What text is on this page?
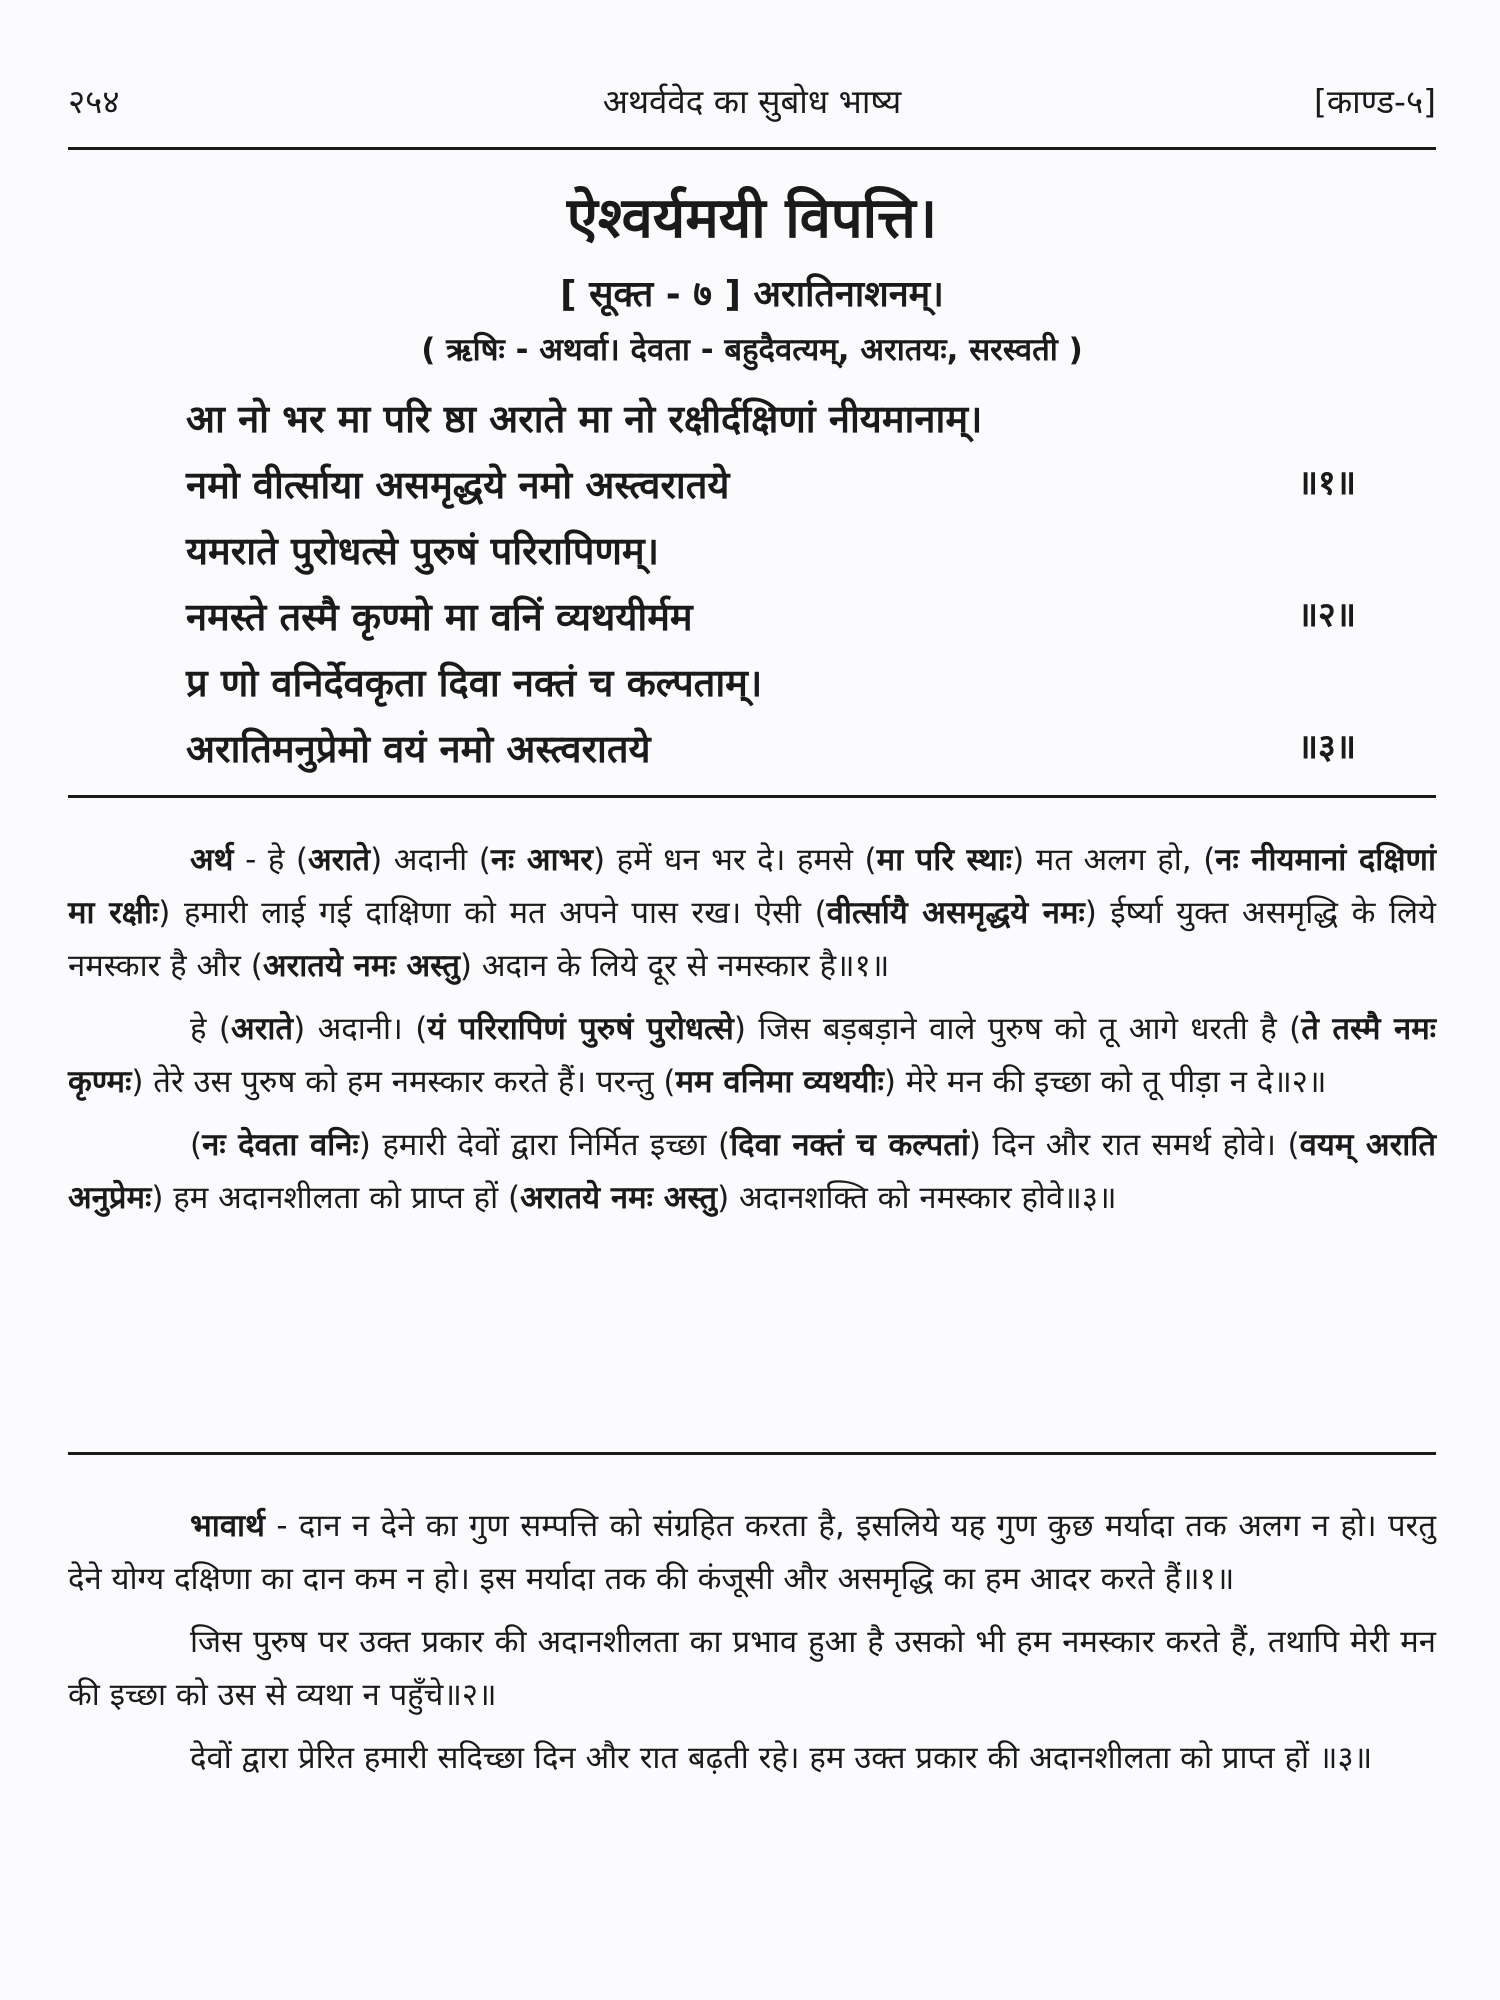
अथर्ववेद का सुबोध भाष्य
२५४	[काण्ड-५]
ऐश्वर्यमयी विपत्ति।
[ सूक्त - ७ ] अरातिनाशनम्।
( ऋषिः - अथर्वा। देवता - बहुदैवत्यम्, अरातयः, सरस्वती )
आ नो भर मा परि ष्ठा अराते मा नो रक्षीर्दक्षिणां नीयमानाम्।
नमो वीर्त्साया असमृद्धये नमो अस्त्वरातये	॥१॥
यमराते पुरोधत्से पुरुषं परिरापिणम्।
नमस्ते तस्मै कृण्मो मा वनिं व्यथयीर्मम	॥२॥
प्र णो वनिर्देवकृता दिवा नक्तं च कल्पताम्।
अरातिमनुप्रेमो वयं नमो अस्त्वरातये	॥३॥

अर्थ - हे (अराते) अदानी (नः आभर) हमें धन भर दे। हमसे (मा परि स्थाः) मत अलग हो, (नः नीयमानां दक्षिणां मा रक्षीः) हमारी लाई गई दाक्षिणा को मत अपने पास रख। ऐसी (वीर्त्सायै असमृद्धये नमः) ईर्ष्या युक्त असमृद्धि के लिये नमस्कार है और (अरातये नमः अस्तु) अदान के लिये दूर से नमस्कार है॥१॥

हे (अराते) अदानी। (यं परिरापिणं पुरुषं पुरोधत्से) जिस बड़बड़ाने वाले पुरुष को तू आगे धरती है (ते तस्मै नमः कृण्मः) तेरे उस पुरुष को हम नमस्कार करते हैं। परन्तु (मम वनिमा व्यथयीः) मेरे मन की इच्छा को तू पीड़ा न दे॥२॥

(नः देवता वनिः) हमारी देवों द्वारा निर्मित इच्छा (दिवा नक्तं च कल्पतां) दिन और रात समर्थ होवे। (वयम् अराति अनुप्रेमः) हम अदानशीलता को प्राप्त हों (अरातये नमः अस्तु) अदानशक्ति को नमस्कार होवे॥३॥

भावार्थ - दान न देने का गुण सम्पत्ति को संग्रहित करता है, इसलिये यह गुण कुछ मर्यादा तक अलग न हो। परतु देने योग्य दक्षिणा का दान कम न हो। इस मर्यादा तक की कंजूसी और असमृद्धि का हम आदर करते हैं॥१॥

जिस पुरुष पर उक्त प्रकार की अदानशीलता का प्रभाव हुआ है उसको भी हम नमस्कार करते हैं, तथापि मेरी मन की इच्छा को उस से व्यथा न पहुँचे॥२॥

देवों द्वारा प्रेरित हमारी सदिच्छा दिन और रात बढ़ती रहे। हम उक्त प्रकार की अदानशीलता को प्राप्त हों ॥३॥
